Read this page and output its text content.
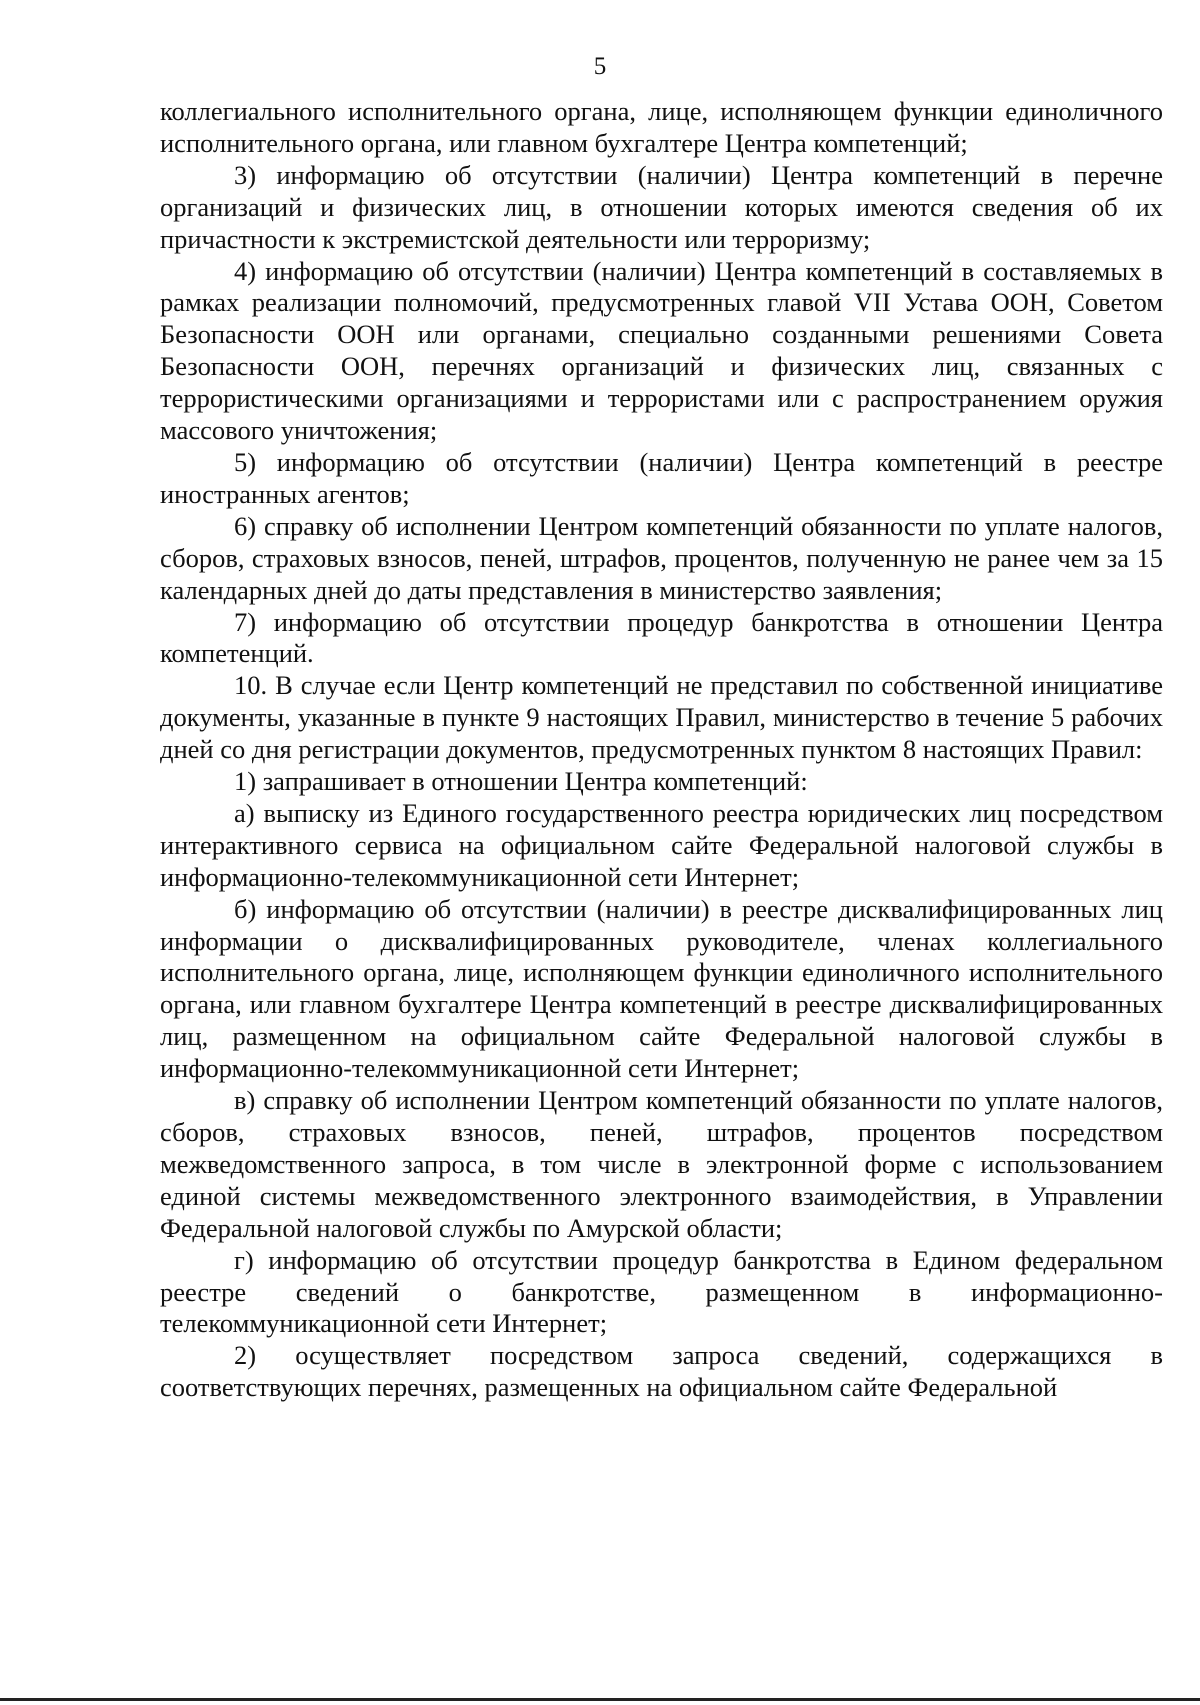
5

коллегиального исполнительного органа, лице, исполняющем функции единоличного исполнительного органа, или главном бухгалтере Центра компетенций;

3) информацию об отсутствии (наличии) Центра компетенций в перечне организаций и физических лиц, в отношении которых имеются сведения об их причастности к экстремистской деятельности или терроризму;

4) информацию об отсутствии (наличии) Центра компетенций в составляемых в рамках реализации полномочий, предусмотренных главой VII Устава ООН, Советом Безопасности ООН или органами, специально созданными решениями Совета Безопасности ООН, перечнях организаций и физических лиц, связанных с террористическими организациями и террористами или с распространением оружия массового уничтожения;

5) информацию об отсутствии (наличии) Центра компетенций в реестре иностранных агентов;

6) справку об исполнении Центром компетенций обязанности по уплате налогов, сборов, страховых взносов, пеней, штрафов, процентов, полученную не ранее чем за 15 календарных дней до даты представления в министерство заявления;

7) информацию об отсутствии процедур банкротства в отношении Центра компетенций.

10. В случае если Центр компетенций не представил по собственной инициативе документы, указанные в пункте 9 настоящих Правил, министерство в течение 5 рабочих дней со дня регистрации документов, предусмотренных пунктом 8 настоящих Правил:

1) запрашивает в отношении Центра компетенций:

а) выписку из Единого государственного реестра юридических лиц посредством интерактивного сервиса на официальном сайте Федеральной налоговой службы в информационно-телекоммуникационной сети Интернет;

б) информацию об отсутствии (наличии) в реестре дисквалифицированных лиц информации о дисквалифицированных руководителе, членах коллегиального исполнительного органа, лице, исполняющем функции единоличного исполнительного органа, или главном бухгалтере Центра компетенций в реестре дисквалифицированных лиц, размещенном на официальном сайте Федеральной налоговой службы в информационно-телекоммуникационной сети Интернет;

в) справку об исполнении Центром компетенций обязанности по уплате налогов, сборов, страховых взносов, пеней, штрафов, процентов посредством межведомственного запроса, в том числе в электронной форме с использованием единой системы межведомственного электронного взаимодействия, в Управлении Федеральной налоговой службы по Амурской области;

г) информацию об отсутствии процедур банкротства в Едином федеральном реестре сведений о банкротстве, размещенном в информационно-телекоммуникационной сети Интернет;

2) осуществляет посредством запроса сведений, содержащихся в соответствующих перечнях, размещенных на официальном сайте Федеральной
